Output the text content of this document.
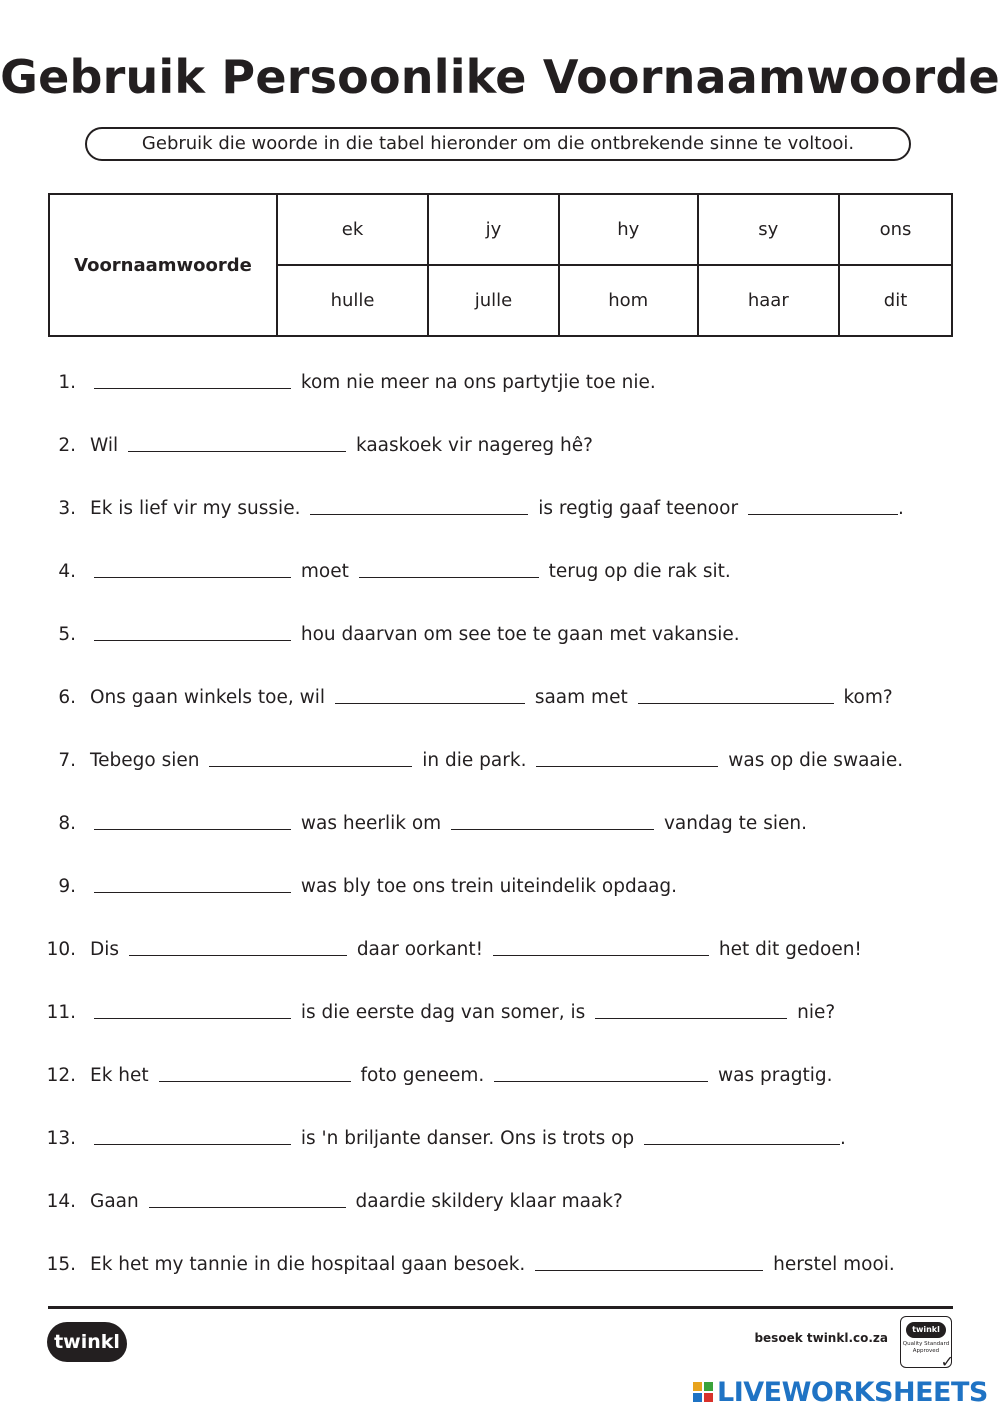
Gebruik Persoonlike Voornaamwoorde
Gebruik die woorde in die tabel hieronder om die ontbrekende sinne te voltooi.
Voornaamwoorde	ek	jy	hy	sy	ons
	hulle	julle	hom	haar	dit
1.	kom nie meer na ons partytjie toe nie.
2. Wil	kaaskoek vir nagereg hê?
3. Ek is lief vir my sussie.	is regtig gaaf teenoor	.
4.	moet	terug op die rak sit.
5.	hou daarvan om see toe te gaan met vakansie.
6. Ons gaan winkels toe, wil	saam met	kom?
7. Tebego sien	in die park.	was op die swaaie.
8.	was heerlik om	vandag te sien.
9.	was bly toe ons trein uiteindelik opdaag.
10. Dis	daar oorkant!	het dit gedoen!
11.	is die eerste dag van somer, is	nie?
12. Ek het	foto geneem.	was pragtig.
13.	is 'n briljante danser. Ons is trots op	.
14. Gaan	daardie skildery klaar maak?
15. Ek het my tannie in die hospitaal gaan besoek.	herstel mooi.
twinkl	besoek twinkl.co.za
twinkl
Quality Standard Approved
✓
LIVEWORKSHEETS
